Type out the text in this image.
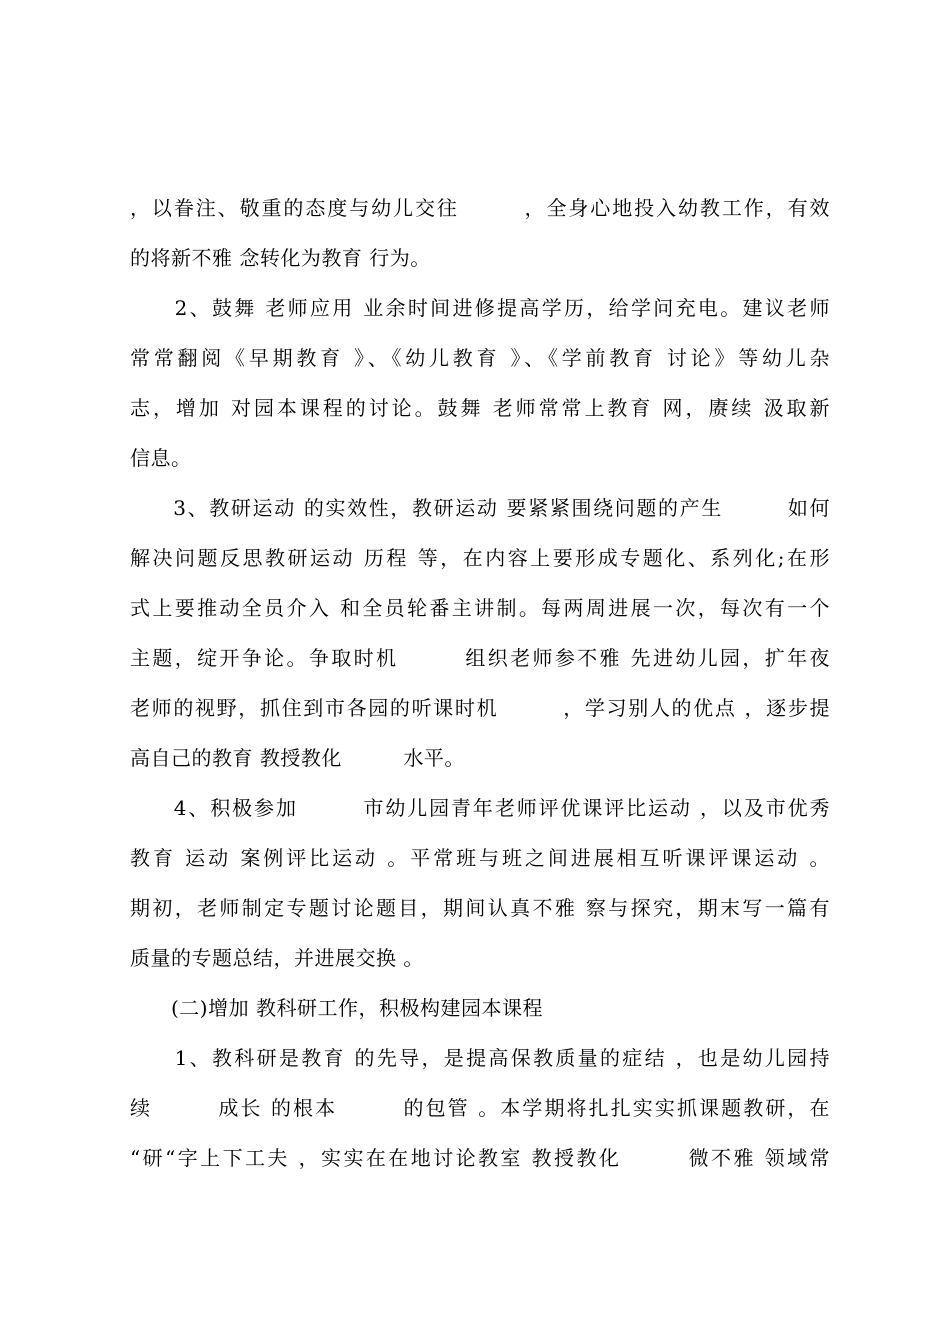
，以眷注、敬重的态度与幼儿交往　　　，全身心地投入幼教工作，有效
的将新不雅 念转化为教育 行为。
　　2、鼓舞 老师应用 业余时间进修提高学历，给学问充电。建议老师
常常翻阅《早期教育 》、《幼儿教育 》、《学前教育 讨论》等幼儿杂
志，增加 对园本课程的讨论。鼓舞 老师常常上教育 网，赓续 汲取新
信息。
　　3、教研运动 的实效性，教研运动 要紧紧围绕问题的产生　　　如何
解决问题反思教研运动 历程 等，在内容上要形成专题化、系列化;在形
式上要推动全员介入 和全员轮番主讲制。每两周进展一次，每次有一个
主题，绽开争论。争取时机　　　组织老师参不雅 先进幼儿园，扩年夜
老师的视野，抓住到市各园的听课时机　　　，学习别人的优点 ，逐步提
高自己的教育 教授教化　　　水平。
　　4、积极参加　　　市幼儿园青年老师评优课评比运动 ，以及市优秀
教育 运动 案例评比运动 。平常班与班之间进展相互听课评课运动 。
期初，老师制定专题讨论题目，期间认真不雅 察与探究，期末写一篇有
质量的专题总结，并进展交换 。
　　(二)增加 教科研工作，积极构建园本课程
　　1、教科研是教育 的先导，是提高保教质量的症结 ，也是幼儿园持
续　　　成长 的根本　　　的包管 。本学期将扎扎实实抓课题教研，在
“研“字上下工夫 ，实实在在地讨论教室 教授教化　　　微不雅 领域常
